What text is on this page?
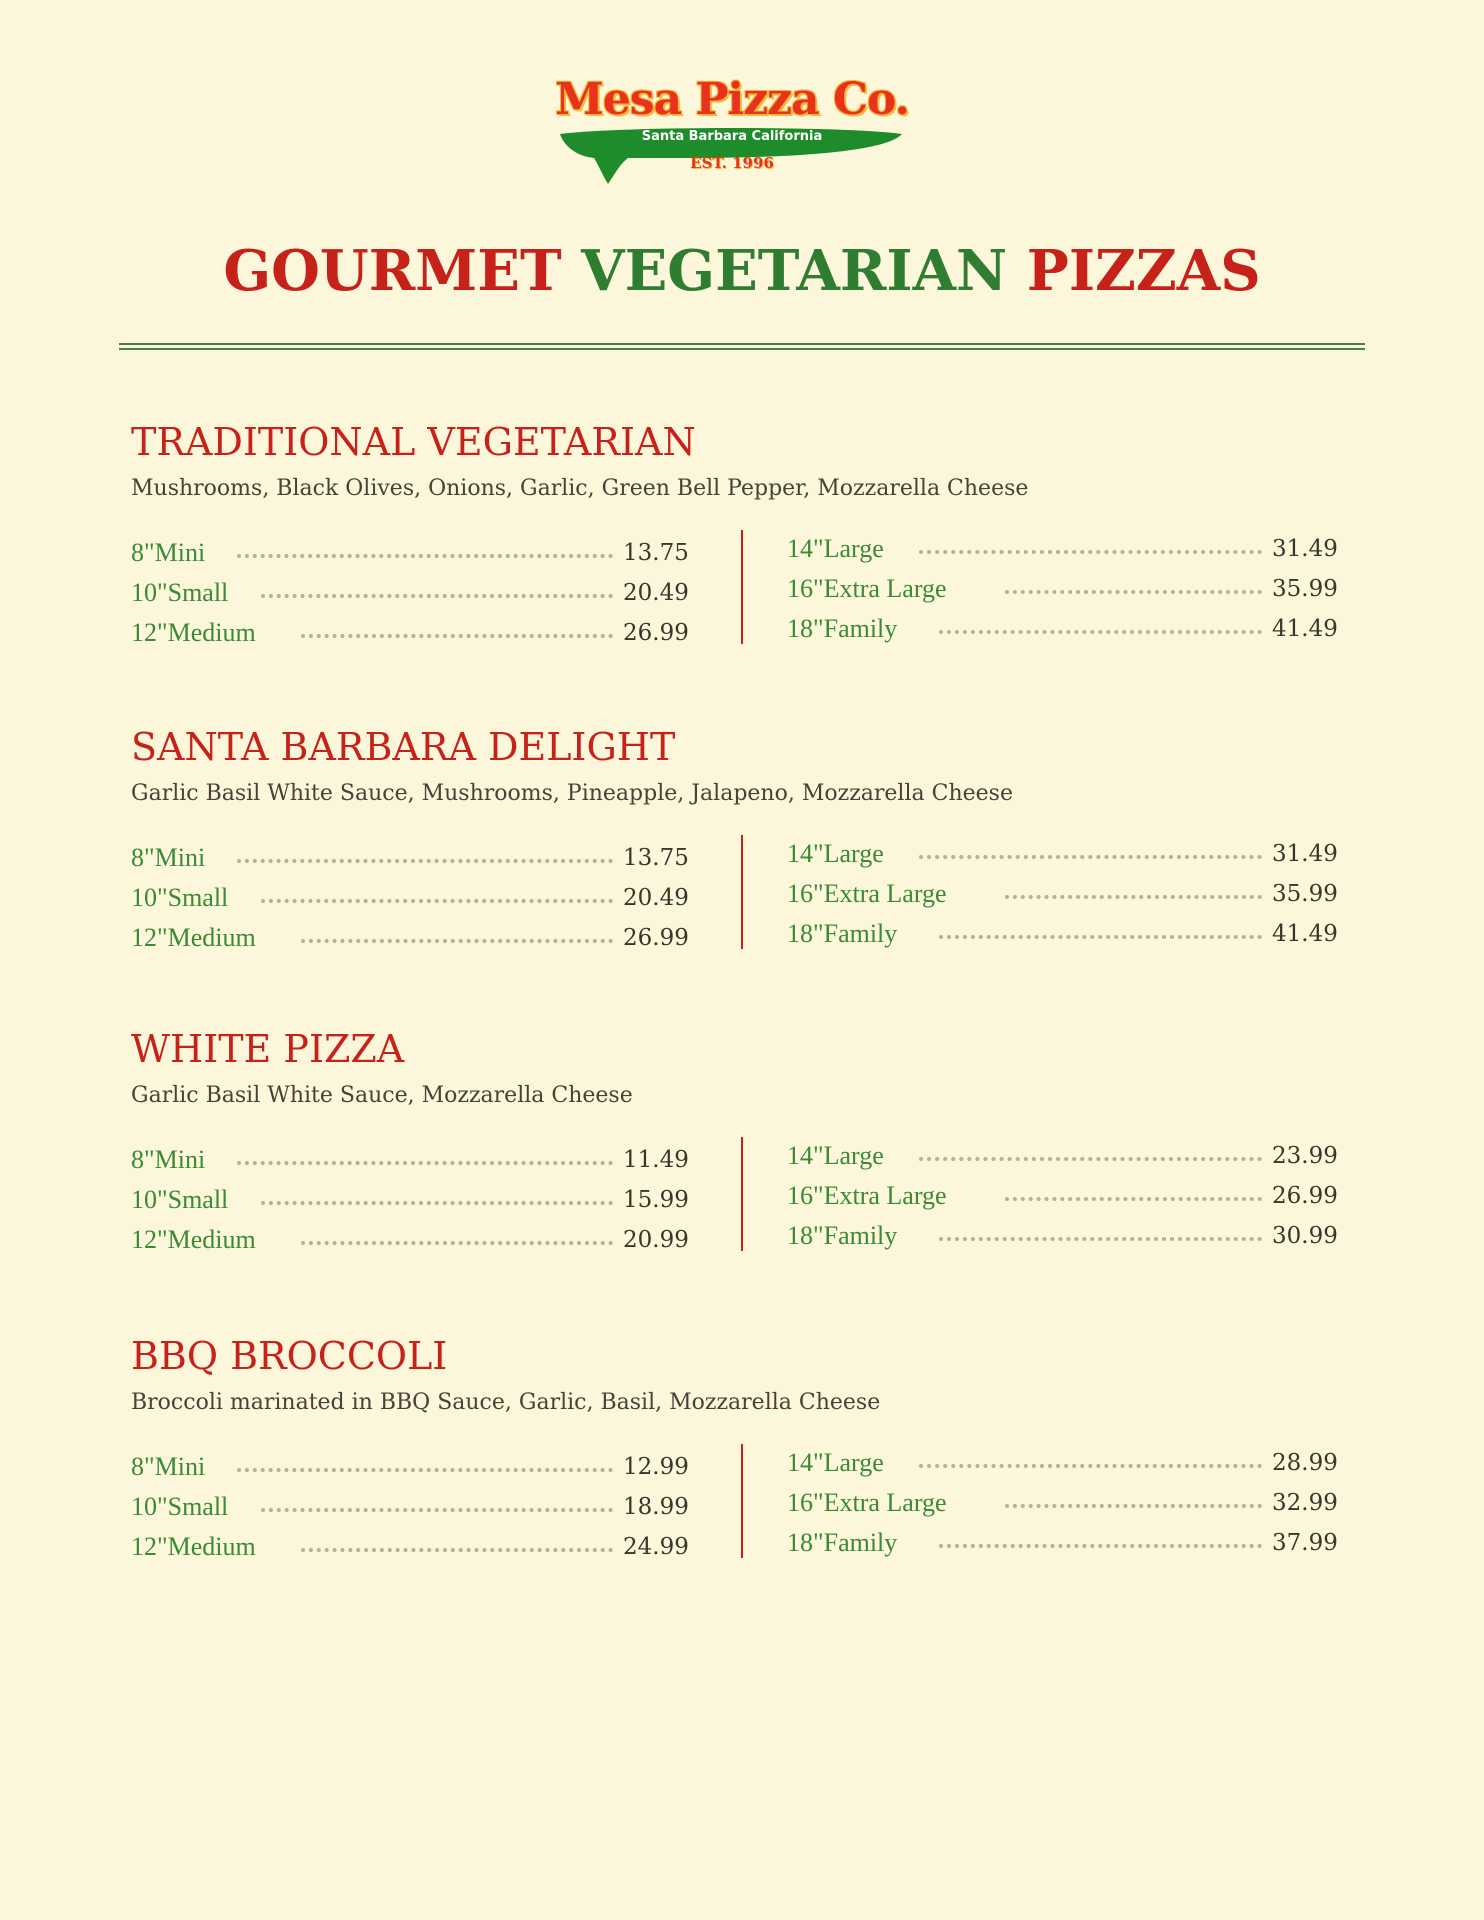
Mesa Pizza Co.
Santa Barbara California
EST. 1996
GOURMET VEGETARIAN PIZZAS
TRADITIONAL VEGETARIAN
Mushrooms, Black Olives, Onions, Garlic, Green Bell Pepper, Mozzarella Cheese
8"Mini	13.75
10"Small	20.49
12"Medium	26.99
14"Large	31.49
16"Extra Large	35.99
18"Family	41.49
SANTA BARBARA DELIGHT
Garlic Basil White Sauce, Mushrooms, Pineapple, Jalapeno, Mozzarella Cheese
8"Mini	13.75
10"Small	20.49
12"Medium	26.99
14"Large	31.49
16"Extra Large	35.99
18"Family	41.49
WHITE PIZZA
Garlic Basil White Sauce, Mozzarella Cheese
8"Mini	11.49
10"Small	15.99
12"Medium	20.99
14"Large	23.99
16"Extra Large	26.99
18"Family	30.99
BBQ BROCCOLI
Broccoli marinated in BBQ Sauce, Garlic, Basil, Mozzarella Cheese
8"Mini	12.99
10"Small	18.99
12"Medium	24.99
14"Large	28.99
16"Extra Large	32.99
18"Family	37.99
